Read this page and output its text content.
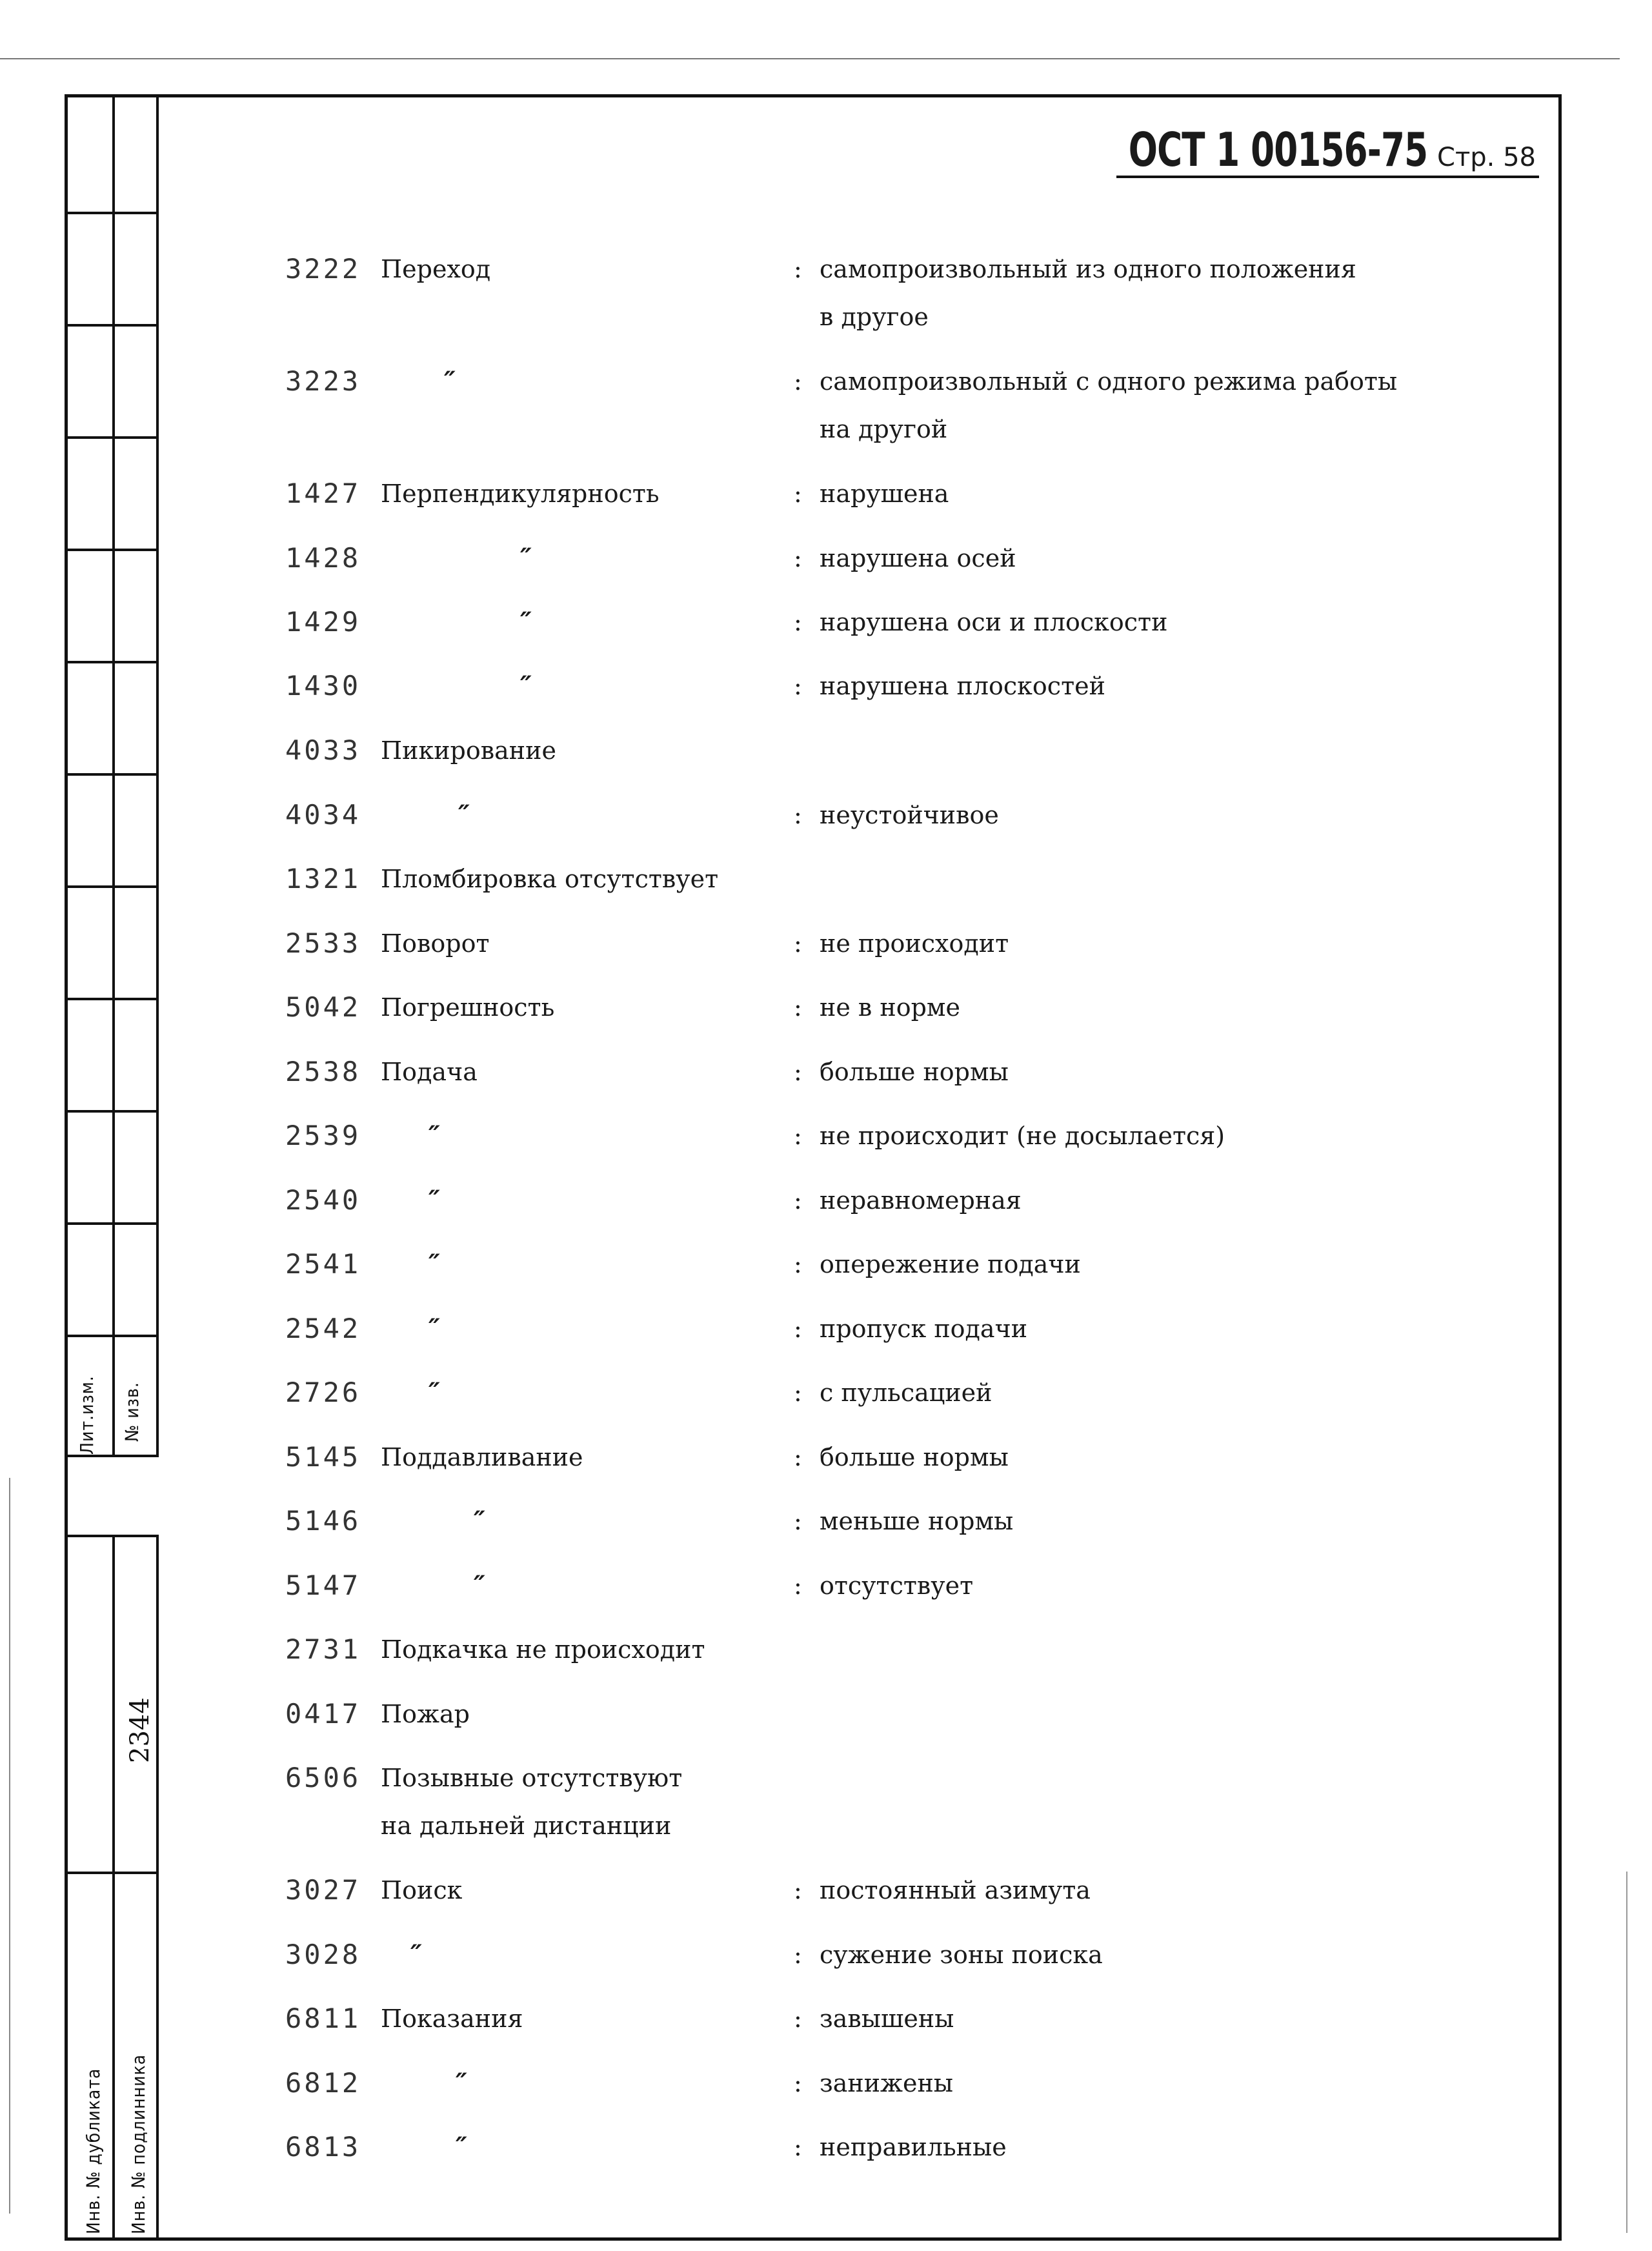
Лит.изм. № изв.
2344
Инв. № дубликата Инв. № подлинника
ОСТ 1 00156-75 Стр. 58
3222 Переход	: самопроизвольный из одного положения
в другое
3223	″	: самопроизвольный с одного режима работы
на другой
1427 Перпендикулярность	: нарушена
1428	″	: нарушена осей
1429	″	: нарушена оси и плоскости
1430	″	: нарушена плоскостей
4033 Пикирование
4034	″	: неустойчивое
1321 Пломбировка отсутствует
2533 Поворот	: не происходит
5042 Погрешность	: не в норме
2538 Подача	: больше нормы
2539	″	: не происходит (не досылается)
2540	″	: неравномерная
2541	″	: опережение подачи
2542	″	: пропуск подачи
2726	″	: с пульсацией
5145 Поддавливание	: больше нормы
5146	″	: меньше нормы
5147	″	: отсутствует
2731 Подкачка не происходит
0417 Пожар
6506 Позывные отсутствуют
на дальней дистанции
3027 Поиск	: постоянный азимута
3028	″	: сужение зоны поиска
6811 Показания	: завышены
6812	″	: занижены
6813	″	: неправильные
